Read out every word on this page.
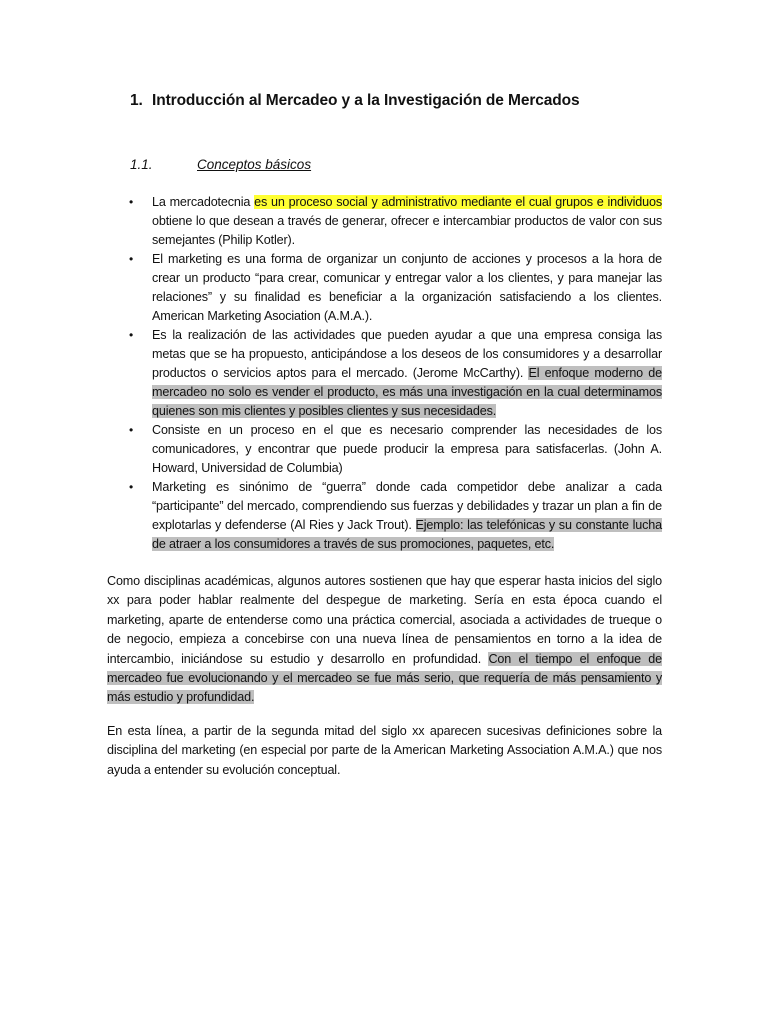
1. Introducción al Mercadeo y a la Investigación de Mercados
1.1.	Conceptos básicos
• La mercadotecnia es un proceso social y administrativo mediante el cual grupos e individuos obtiene lo que desean a través de generar, ofrecer e intercambiar productos de valor con sus semejantes (Philip Kotler).
• El marketing es una forma de organizar un conjunto de acciones y procesos a la hora de crear un producto “para crear, comunicar y entregar valor a los clientes, y para manejar las relaciones” y su finalidad es beneficiar a la organización satisfaciendo a los clientes. American Marketing Asociation (A.M.A.).
• Es la realización de las actividades que pueden ayudar a que una empresa consiga las metas que se ha propuesto, anticipándose a los deseos de los consumidores y a desarrollar productos o servicios aptos para el mercado. (Jerome McCarthy). El enfoque moderno de mercadeo no solo es vender el producto, es más una investigación en la cual determinamos quienes son mis clientes y posibles clientes y sus necesidades.
• Consiste en un proceso en el que es necesario comprender las necesidades de los comunicadores, y encontrar que puede producir la empresa para satisfacerlas. (John A. Howard, Universidad de Columbia)
• Marketing es sinónimo de “guerra” donde cada competidor debe analizar a cada “participante” del mercado, comprendiendo sus fuerzas y debilidades y trazar un plan a fin de explotarlas y defenderse (Al Ries y Jack Trout). Ejemplo: las telefónicas y su constante lucha de atraer a los consumidores a través de sus promociones, paquetes, etc.

Como disciplinas académicas, algunos autores sostienen que hay que esperar hasta inicios del siglo xx para poder hablar realmente del despegue de marketing. Sería en esta época cuando el marketing, aparte de entenderse como una práctica comercial, asociada a actividades de trueque o de negocio, empieza a concebirse con una nueva línea de pensamientos en torno a la idea de intercambio, iniciándose su estudio y desarrollo en profundidad. Con el tiempo el enfoque de mercadeo fue evolucionando y el mercadeo se fue más serio, que requería de más pensamiento y más estudio y profundidad.

En esta línea, a partir de la segunda mitad del siglo xx aparecen sucesivas definiciones sobre la disciplina del marketing (en especial por parte de la American Marketing Association A.M.A.) que nos ayuda a entender su evolución conceptual.
